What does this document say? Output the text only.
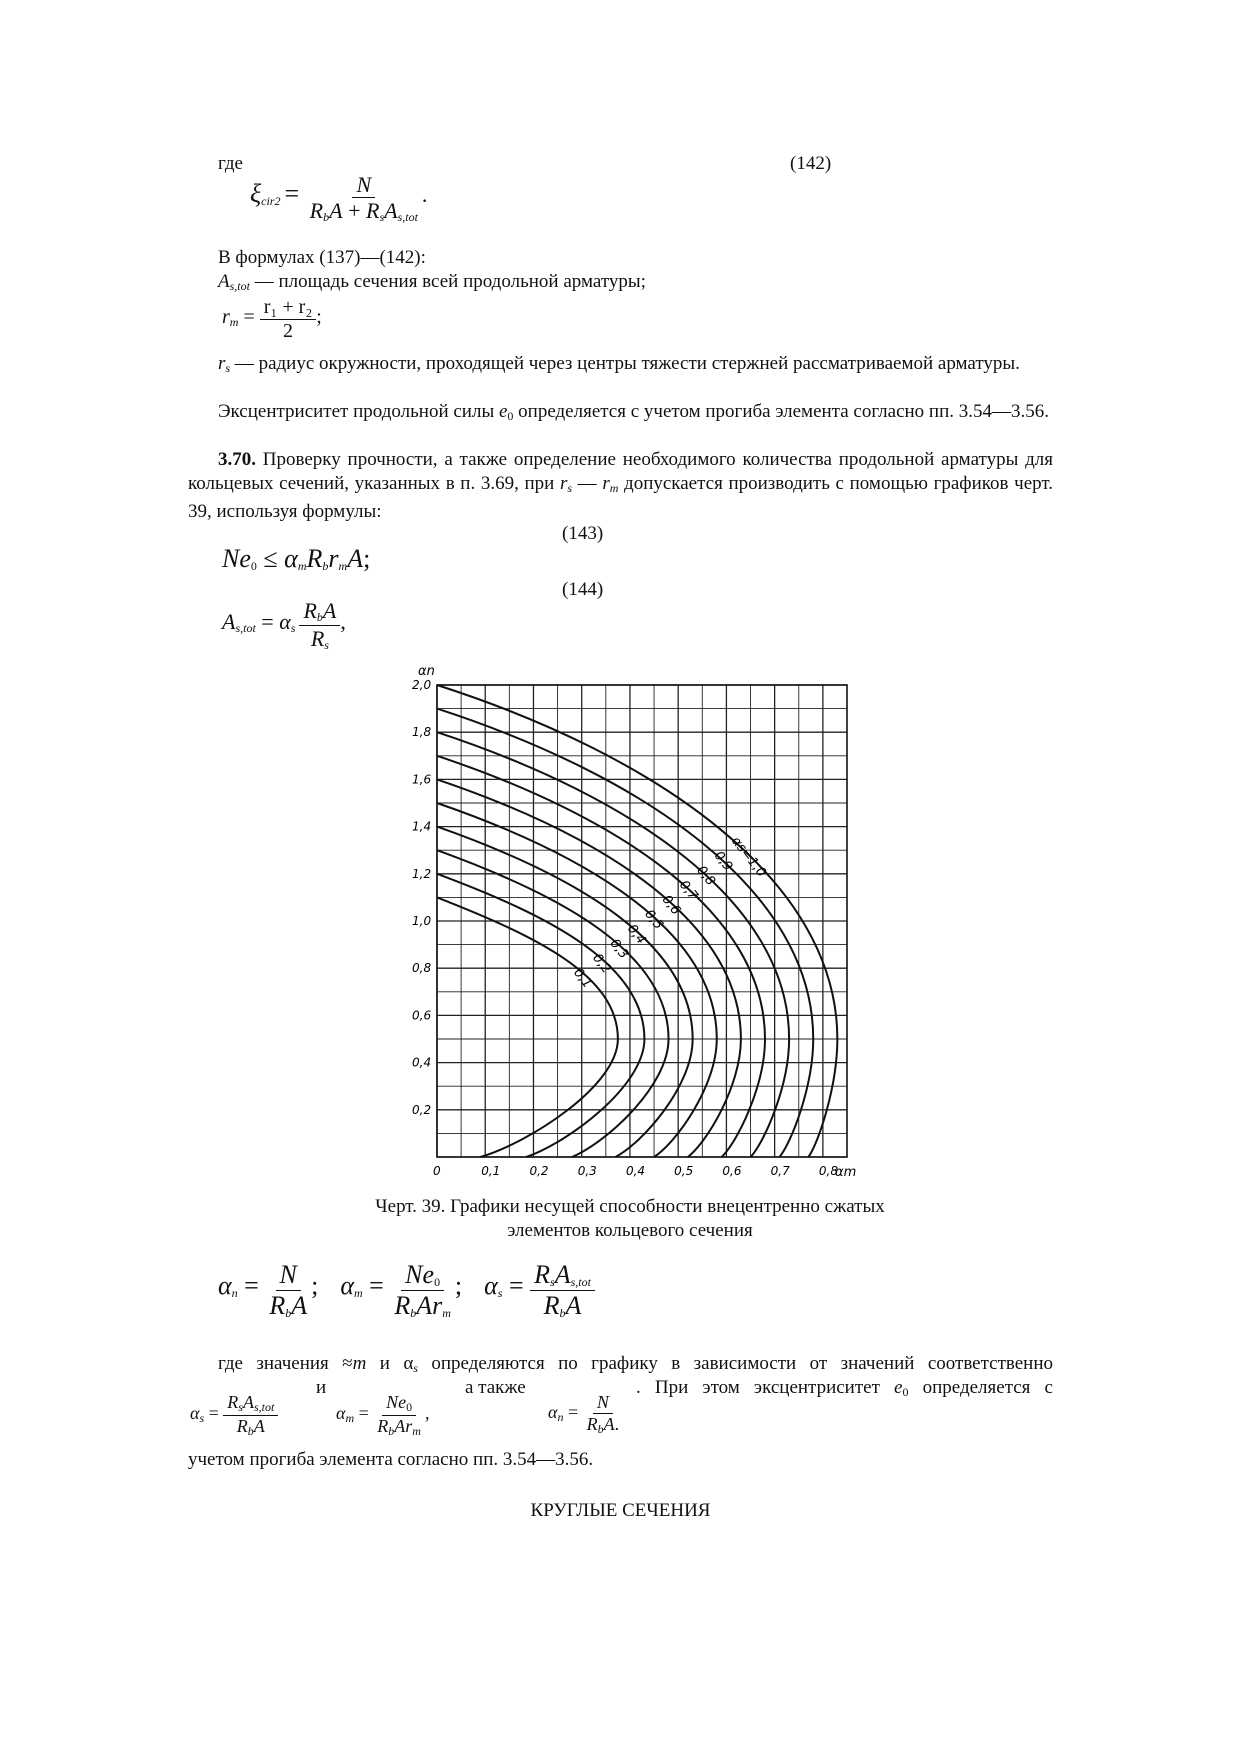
где	(142)
$\xi_{cir2} = \frac{N}{R_bA + R_sA_{s,tot}}$ .
В формулах (137)—(142):
$A_{s,tot}$ — площадь сечения всей продольной арматуры;
$r_m = \frac{\text{r₁ + r₂}}{2}$ ;
$r_s$ — радиус окружности, проходящей через центры тяжести стержней рассматриваемой арматуры.
Эксцентриситет продольной силы $e_0$ определяется с учетом прогиба элемента согласно пп. 3.54—3.56.
3.70. Проверку прочности, а также определение необходимого количества продольной арматуры для кольцевых сечений, указанных в п. 3.69, при $r_s$ — $r_m$ допускается производить с помощью графиков черт. 39, используя формулы:
(143)
$Ne_0 \le \alpha_mR_br_mA$;
(144)
$A_{s,tot} = \alpha_s \frac{R_bA}{R_s}$ ,
0	0,1 0,2 0,3 0,4 0,5 0,6 0,7 0,8
0,2
0,4
0,6
0,8
1,0
1,2
1,4
1,6
1,8
2,0
0,1
0,2
0,3
0,4
0,5
0,6
0,7
0,8
0,9
αs=1,0
αn
αm
Черт. 39. Графики несущей способности внецентренно сжатых элементов кольцевого сечения
$\alpha_n = \frac{N}{R_bA}$ ; $\alpha_m = \frac{Ne_0}{R_bAr_m}$ ; $\alpha_s = \frac{R_sA_{s,tot}}{R_bA}$
где значения ≈m и $\alpha_s$ определяются по графику в зависимости от значений соответственно
и	а также	. При этом эксцентриситет $e_0$ определяется с
$\alpha_s = \frac{R_sA_{s,tot}}{R_bA}$	$\alpha_m = \frac{Ne_0}{R_bAr_m}$ ,	$\alpha_n = \frac{N}{R_bA.}$
учетом прогиба элемента согласно пп. 3.54—3.56.
КРУГЛЫЕ СЕЧЕНИЯ
